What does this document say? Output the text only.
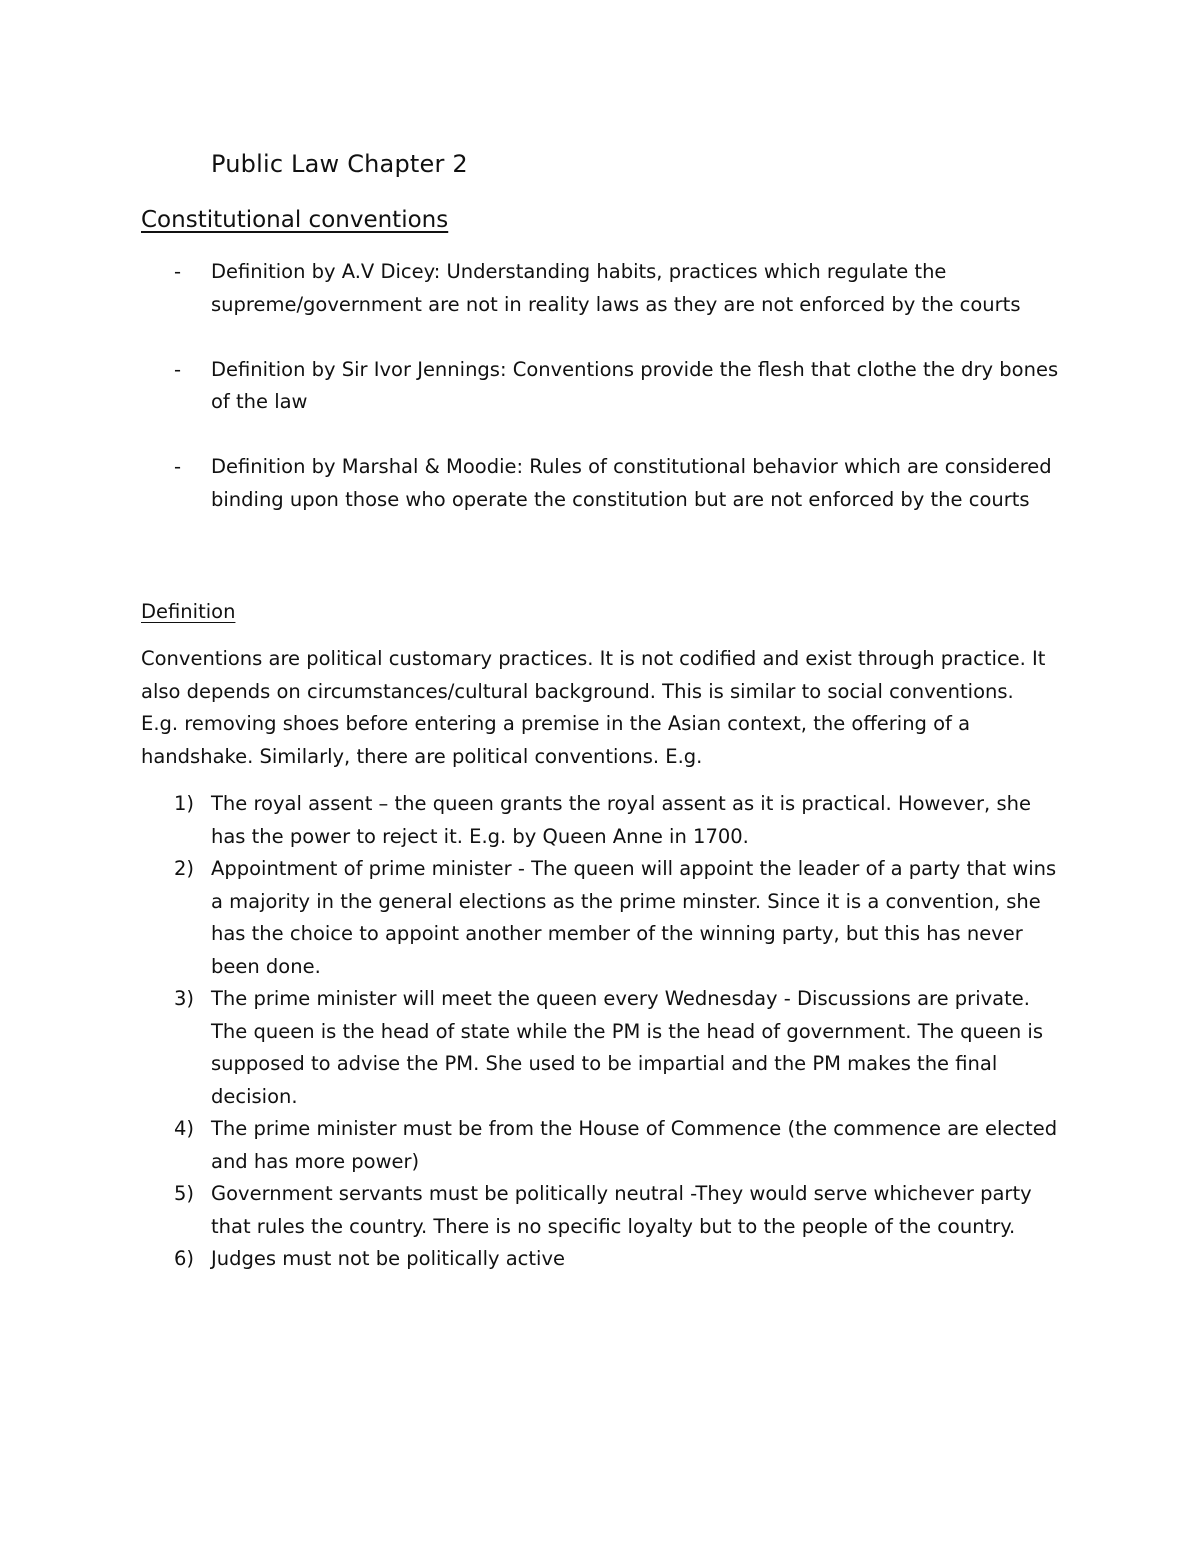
Public Law Chapter 2
Constitutional conventions
- Definition by A.V Dicey: Understanding habits, practices which regulate the supreme/government are not in reality laws as they are not enforced by the courts
- Definition by Sir Ivor Jennings: Conventions provide the flesh that clothe the dry bones of the law
- Definition by Marshal & Moodie: Rules of constitutional behavior which are considered binding upon those who operate the constitution but are not enforced by the courts
Definition

Conventions are political customary practices. It is not codified and exist through practice. It also depends on circumstances/cultural background. This is similar to social conventions. E.g. removing shoes before entering a premise in the Asian context, the offering of a handshake. Similarly, there are political conventions. E.g.

1) The royal assent – the queen grants the royal assent as it is practical. However, she has the power to reject it. E.g. by Queen Anne in 1700.
2) Appointment of prime minister - The queen will appoint the leader of a party that wins a majority in the general elections as the prime minster. Since it is a convention, she has the choice to appoint another member of the winning party, but this has never been done.
3) The prime minister will meet the queen every Wednesday - Discussions are private. The queen is the head of state while the PM is the head of government. The queen is supposed to advise the PM. She used to be impartial and the PM makes the final decision.
4) The prime minister must be from the House of Commence (the commence are elected and has more power)
5) Government servants must be politically neutral -They would serve whichever party that rules the country. There is no specific loyalty but to the people of the country.
6) Judges must not be politically active
